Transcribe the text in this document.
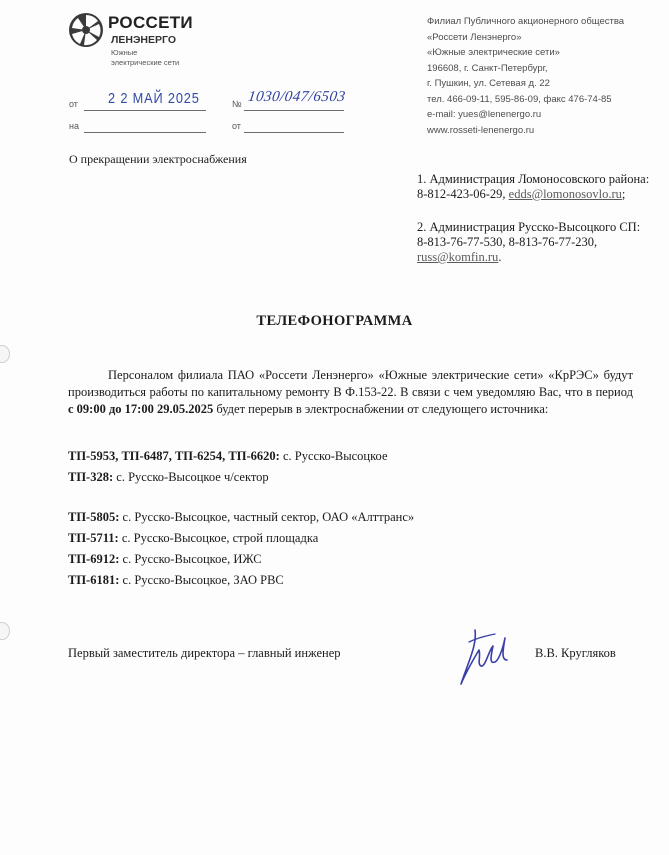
РОССЕТИ
ЛЕНЭНЕРГО
Южные
электрические сети
Филиал Публичного акционерного общества
«Россети Ленэнерго»
«Южные электрические сети»
196608, г. Санкт-Петербург,
г. Пушкин, ул. Сетевая д. 22
тел. 466-09-11, 595-86-09, факс 476-74-85
e-mail: yues@lenenergo.ru
www.rosseti-lenenergo.ru
от 2 2 МАЙ 2025	№ 1030/047/6503
на	от
О прекращении электроснабжения
1. Администрация Ломоносовского района: 8-812-423-06-29, edds@lomonosovlo.ru;
2. Администрация Русско-Высоцкого СП: 8-813-76-77-530, 8-813-76-77-230, russ@komfin.ru.
ТЕЛЕФОНОГРАММА

Персоналом филиала ПАО «Россети Ленэнерго» «Южные электрические сети» «КрРЭС» будут производиться работы по капитальному ремонту В Ф.153-22. В связи с чем уведомляю Вас, что в период с 09:00 до 17:00 29.05.2025 будет перерыв в электроснабжении от следующего источника:

ТП-5953, ТП-6487, ТП-6254, ТП-6620: с. Русско-Высоцкое
ТП-328: с. Русско-Высоцкое ч/сектор
ТП-5805: с. Русско-Высоцкое, частный сектор, ОАО «Алттранс»
ТП-5711: с. Русско-Высоцкое, строй площадка
ТП-6912: с. Русско-Высоцкое, ИЖС
ТП-6181: с. Русско-Высоцкое, ЗАО РВС
Первый заместитель директора – главный инженер	В.В. Кругляков
